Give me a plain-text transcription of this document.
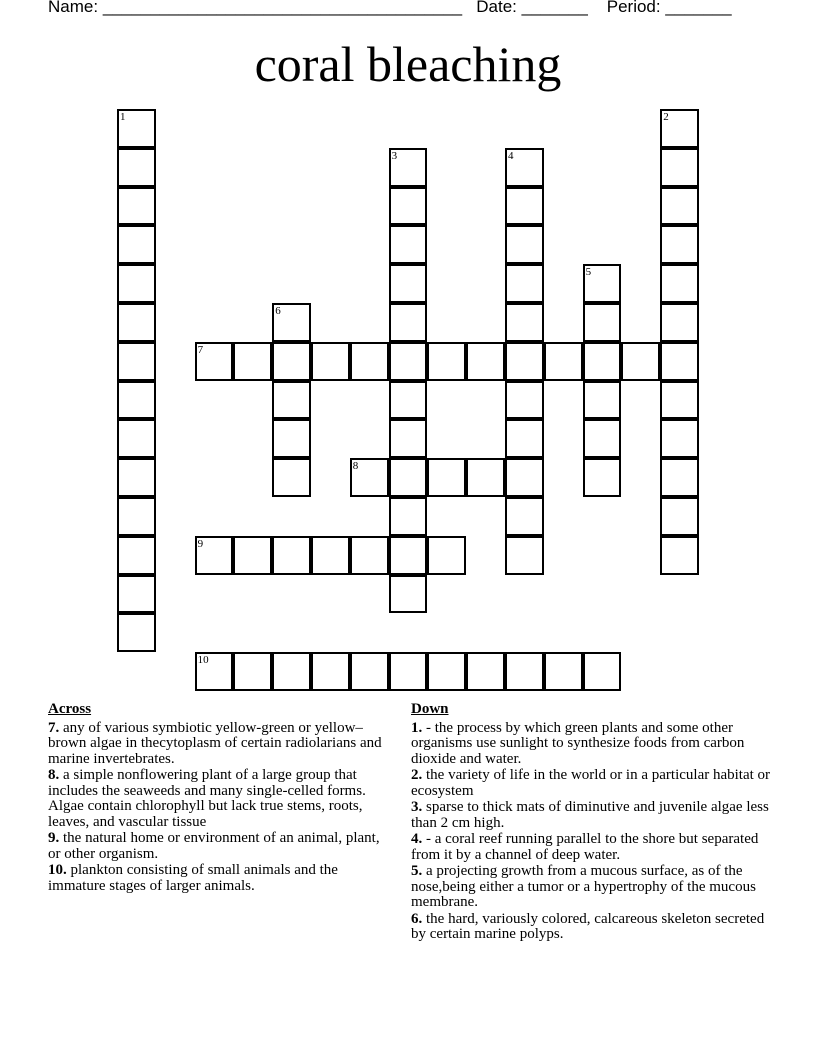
Name: ______________________________________ Date: _______ Period: _______
coral bleaching
1	2
3	4
5
6
7
8
9
10
Across
7. any of various symbiotic yellow-green or yellow–brown algae in thecytoplasm of certain radiolarians and marine invertebrates.
8. a simple nonflowering plant of a large group that includes the seaweeds and many single-celled forms. Algae contain chlorophyll but lack true stems, roots, leaves, and vascular tissue
9. the natural home or environment of an animal, plant, or other organism.
10. plankton consisting of small animals and the immature stages of larger animals.
Down
1. - the process by which green plants and some other organisms use sunlight to synthesize foods from carbon dioxide and water.
2. the variety of life in the world or in a particular habitat or ecosystem
3. sparse to thick mats of diminutive and juvenile algae less than 2 cm high.
4. - a coral reef running parallel to the shore but separated from it by a channel of deep water.
5. a projecting growth from a mucous surface, as of the nose,being either a tumor or a hypertrophy of the mucous membrane.
6. the hard, variously colored, calcareous skeleton secreted by certain marine polyps.
